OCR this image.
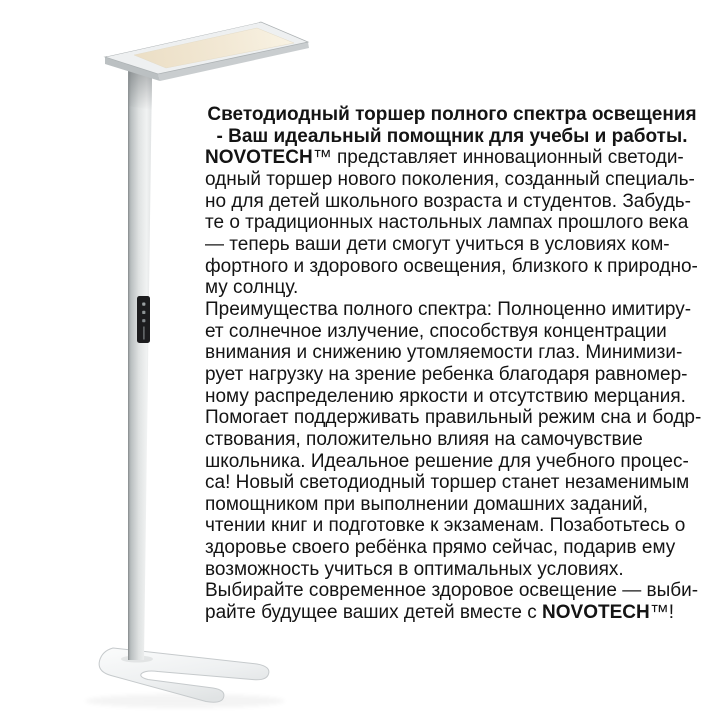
Светодиодный торшер полного спектра освещения
- Ваш идеальный помощник для учебы и работы.
NOVOTECH™ представляет инновационный светоди-
одный торшер нового поколения, созданный специаль-
но для детей школьного возраста и студентов. Забудь-
те о традиционных настольных лампах прошлого века
— теперь ваши дети смогут учиться в условиях ком-
фортного и здорового освещения, близкого к природно-
му солнцу.
Преимущества полного спектра: Полноценно имитиру-
ет солнечное излучение, способствуя концентрации
внимания и снижению утомляемости глаз. Минимизи-
рует нагрузку на зрение ребенка благодаря равномер-
ному распределению яркости и отсутствию мерцания.
Помогает поддерживать правильный режим сна и бодр-
ствования, положительно влияя на самочувствие
школьника. Идеальное решение для учебного процес-
са! Новый светодиодный торшер станет незаменимым
помощником при выполнении домашних заданий,
чтении книг и подготовке к экзаменам. Позаботьтесь о
здоровье своего ребёнка прямо сейчас, подарив ему
возможность учиться в оптимальных условиях.
Выбирайте современное здоровое освещение — выби-
райте будущее ваших детей вместе с NOVOTECH™!
